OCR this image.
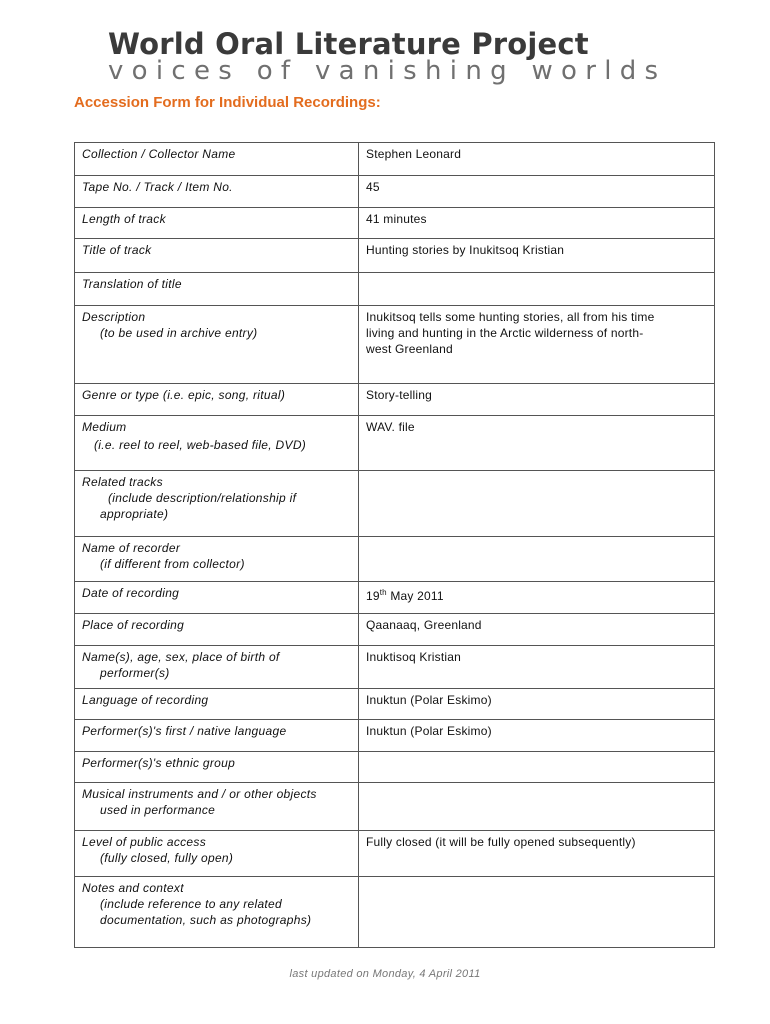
World Oral Literature Project
voices of vanishing worlds
Accession Form for Individual Recordings:
Collection / Collector Name	Stephen Leonard

Tape No. / Track / Item No.	45

Length of track	41 minutes

Title of track	Hunting stories by Inukitsoq Kristian

Translation of title	

Description
(to be used in archive entry)	Inukitsoq tells some hunting stories, all from his time
living and hunting in the Arctic wilderness of north-
west Greenland

Genre or type (i.e. epic, song, ritual)	Story-telling

Medium
(i.e. reel to reel, web-based file, DVD)	WAV. file

Related tracks
(include description/relationship if
appropriate)	

Name of recorder
(if different from collector)	

Date of recording	19th May 2011

Place of recording	Qaanaaq, Greenland

Name(s), age, sex, place of birth of
performer(s)	Inuktisoq Kristian

Language of recording	Inuktun (Polar Eskimo)

Performer(s)'s first / native language	Inuktun (Polar Eskimo)

Performer(s)'s ethnic group	

Musical instruments and / or other objects
used in performance	

Level of public access
(fully closed, fully open)	Fully closed (it will be fully opened subsequently)

Notes and context
(include reference to any related
documentation, such as photographs)	

last updated on Monday, 4 April 2011
